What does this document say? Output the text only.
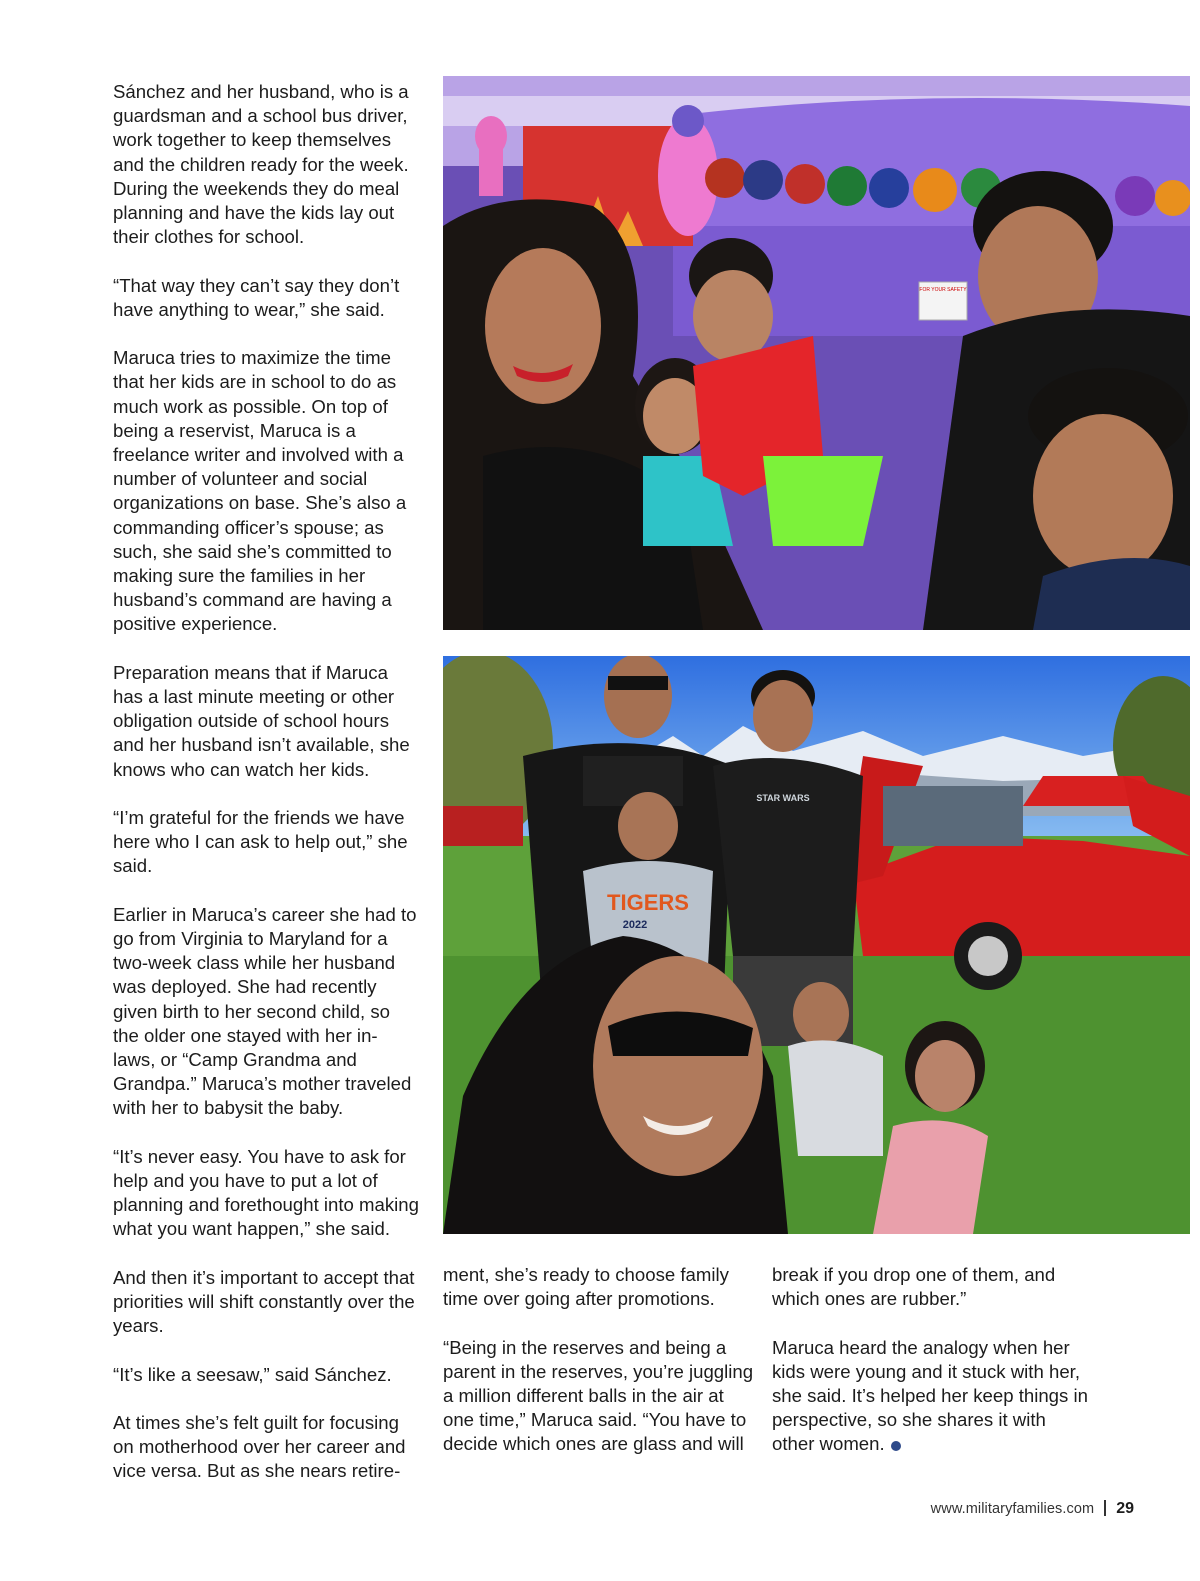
Sánchez and her husband, who is a guardsman and a school bus driver, work together to keep themselves and the children ready for the week. During the weekends they do meal planning and have the kids lay out their clothes for school.

“That way they can’t say they don’t have anything to wear,” she said.

Maruca tries to maximize the time that her kids are in school to do as much work as possible. On top of being a reservist, Maruca is a freelance writer and involved with a number of volunteer and social organizations on base. She’s also a commanding officer’s spouse; as such, she said she’s committed to making sure the families in her husband’s command are having a positive experience.

Preparation means that if Maruca has a last minute meeting or other obligation outside of school hours and her husband isn’t available, she knows who can watch her kids.

“I’m grateful for the friends we have here who I can ask to help out,” she said.

Earlier in Maruca’s career she had to go from Virginia to Maryland for a two-week class while her husband was deployed. She had recently given birth to her second child, so the older one stayed with her in-laws, or “Camp Grandma and Grandpa.” Maruca’s mother traveled with her to babysit the baby.

“It’s never easy. You have to ask for help and you have to put a lot of planning and forethought into making what you want happen,” she said.

And then it’s important to accept that priorities will shift constantly over the years.

“It’s like a seesaw,” said Sánchez.

At times she’s felt guilt for focusing on motherhood over her career and vice versa. But as she nears retire-

FOR YOUR SAFETY
TIGERS
2022
STAR WARS

ment, she’s ready to choose family time over going after promotions.

“Being in the reserves and being a parent in the reserves, you’re juggling a million different balls in the air at one time,” Maruca said. “You have to decide which ones are glass and will

break if you drop one of them, and which ones are rubber.”

Maruca heard the analogy when her kids were young and it stuck with her, she said. It’s helped her keep things in perspective, so she shares it with other women.

www.militaryfamilies.com 29
